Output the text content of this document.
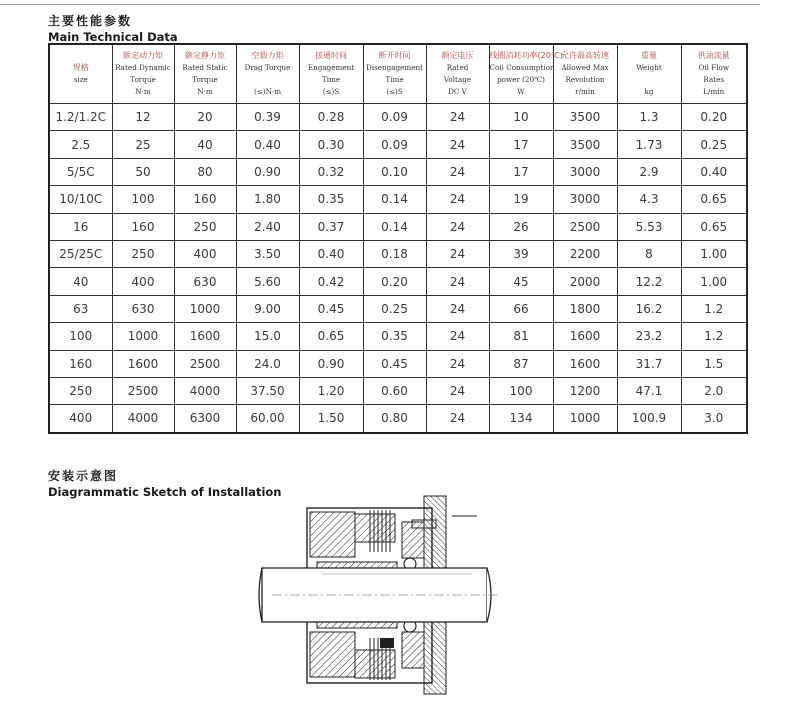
主要性能参数
Main Technical Data
规格
size	额定动力矩
Rated Dynamic
Torque
N·m	额定静力矩
Rated Static
Torque
N·m	空载力矩
Drag Torque

(≤)N·m	接通时间
Engagement
Time
(≤)S	断开时间
Disengagement
Time
(≤)S	额定电压
Rated
Voltage
DC V	线圈消耗功率(20℃)
Coil Consumption
power (20℃)
W	允许最高转速
Allowed Max
Revolution
r/min	重量
Weight

kg	供油流量
Oil Flow
Rates
L/min

1.2/1.2C	12	20	0.39	0.28	0.09	24	10	3500	1.3	0.20
2.5	25	40	0.40	0.30	0.09	24	17	3500	1.73	0.25
5/5C	50	80	0.90	0.32	0.10	24	17	3000	2.9	0.40
10/10C	100	160	1.80	0.35	0.14	24	19	3000	4.3	0.65
16	160	250	2.40	0.37	0.14	24	26	2500	5.53	0.65
25/25C	250	400	3.50	0.40	0.18	24	39	2200	8	1.00
40	400	630	5.60	0.42	0.20	24	45	2000	12.2	1.00
63	630	1000	9.00	0.45	0.25	24	66	1800	16.2	1.2
100	1000	1600	15.0	0.65	0.35	24	81	1600	23.2	1.2
160	1600	2500	24.0	0.90	0.45	24	87	1600	31.7	1.5
250	2500	4000	37.50	1.20	0.60	24	100	1200	47.1	2.0
400	4000	6300	60.00	1.50	0.80	24	134	1000	100.9	3.0
安装示意图
Diagrammatic Sketch of Installation
